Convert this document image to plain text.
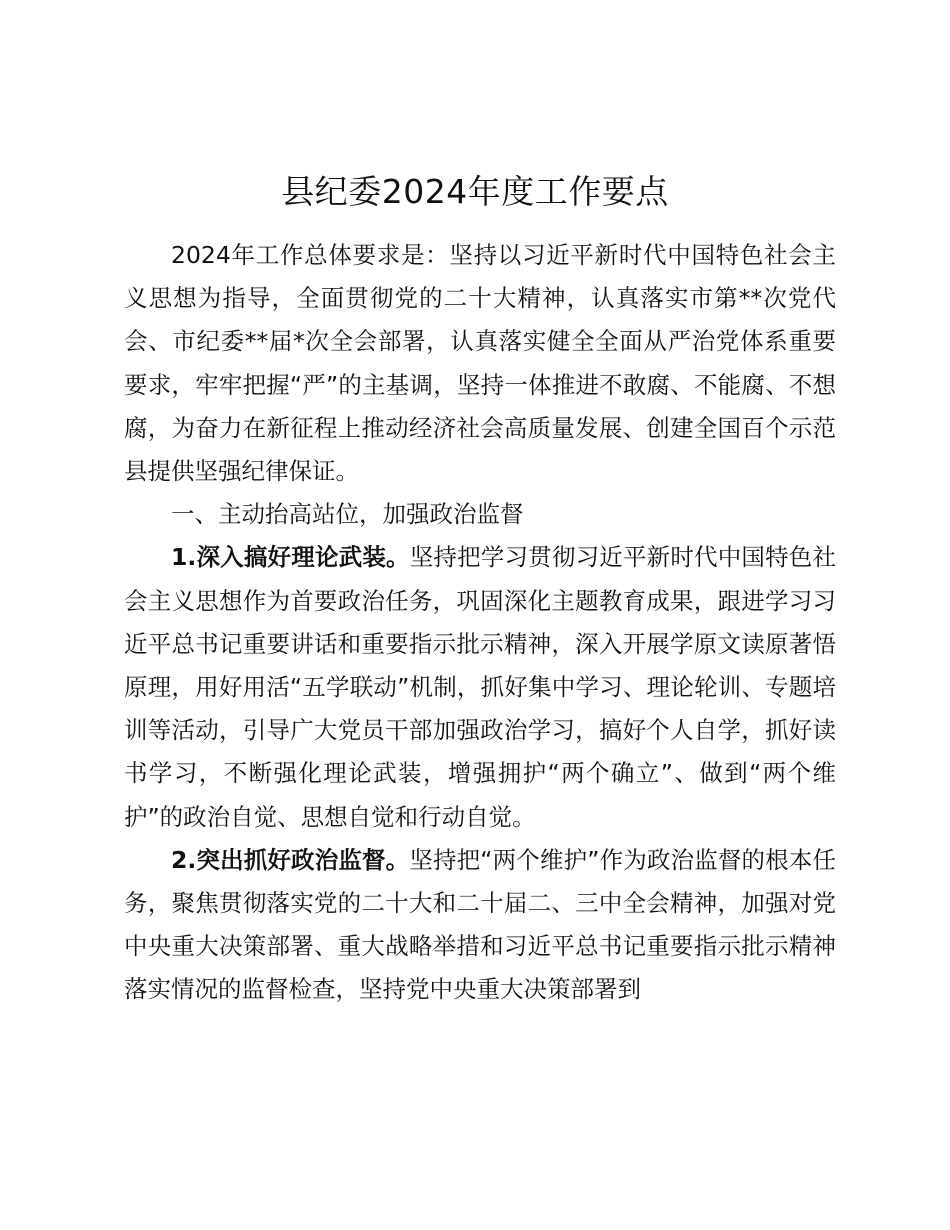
县纪委2024年度工作要点

2024年工作总体要求是：坚持以习近平新时代中国特色社会主义思想为指导，全面贯彻党的二十大精神，认真落实市第**次党代会、市纪委**届*次全会部署，认真落实健全全面从严治党体系重要要求，牢牢把握“严”的主基调，坚持一体推进不敢腐、不能腐、不想腐，为奋力在新征程上推动经济社会高质量发展、创建全国百个示范县提供坚强纪律保证。

一、主动抬高站位，加强政治监督

1.深入搞好理论武装。坚持把学习贯彻习近平新时代中国特色社会主义思想作为首要政治任务，巩固深化主题教育成果，跟进学习习近平总书记重要讲话和重要指示批示精神，深入开展学原文读原著悟原理，用好用活“五学联动”机制，抓好集中学习、理论轮训、专题培训等活动，引导广大党员干部加强政治学习，搞好个人自学，抓好读书学习，不断强化理论武装，增强拥护“两个确立”、做到“两个维护”的政治自觉、思想自觉和行动自觉。

2.突出抓好政治监督。坚持把“两个维护”作为政治监督的根本任务，聚焦贯彻落实党的二十大和二十届二、三中全会精神，加强对党中央重大决策部署、重大战略举措和习近平总书记重要指示批示精神落实情况的监督检查，坚持党中央重大决策部署到
